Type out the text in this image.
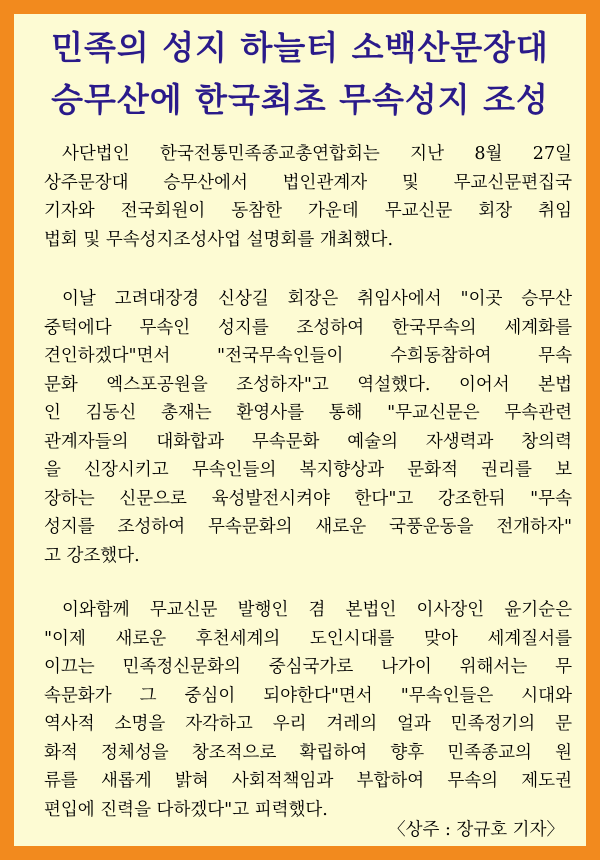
민족의 성지 하늘터 소백산문장대
승무산에 한국최초 무속성지 조성
사단법인 한국전통민족종교총연합회는 지난 8월 27일
상주문장대 승무산에서 법인관계자 및 무교신문편집국
기자와 전국회원이 동참한 가운데 무교신문 회장 취임
법회 및 무속성지조성사업 설명회를 개최했다.
이날 고려대장경 신상길 회장은 취임사에서 "이곳 승무산
중턱에다 무속인 성지를 조성하여 한국무속의 세계화를
견인하겠다"면서 "전국무속인들이 수희동참하여 무속
문화 엑스포공원을 조성하자"고 역설했다. 이어서 본법
인 김동신 총재는 환영사를 통해 "무교신문은 무속관련
관계자들의 대화합과 무속문화 예술의 자생력과 창의력
을 신장시키고 무속인들의 복지향상과 문화적 권리를 보
장하는 신문으로 육성발전시켜야 한다"고 강조한뒤 "무속
성지를 조성하여 무속문화의 새로운 국풍운동을 전개하자"
고 강조했다.
이와함께 무교신문 발행인 겸 본법인 이사장인 윤기순은
"이제 새로운 후천세계의 도인시대를 맞아 세계질서를
이끄는 민족정신문화의 중심국가로 나가이 위해서는 무
속문화가 그 중심이 되야한다"면서 "무속인들은 시대와
역사적 소명을 자각하고 우리 겨레의 얼과 민족정기의 문
화적 정체성을 창조적으로 확립하여 향후 민족종교의 원
류를 새롭게 밝혀 사회적책임과 부합하여 무속의 제도권
편입에 진력을 다하겠다"고 피력했다.
〈상주 : 장규호 기자〉
